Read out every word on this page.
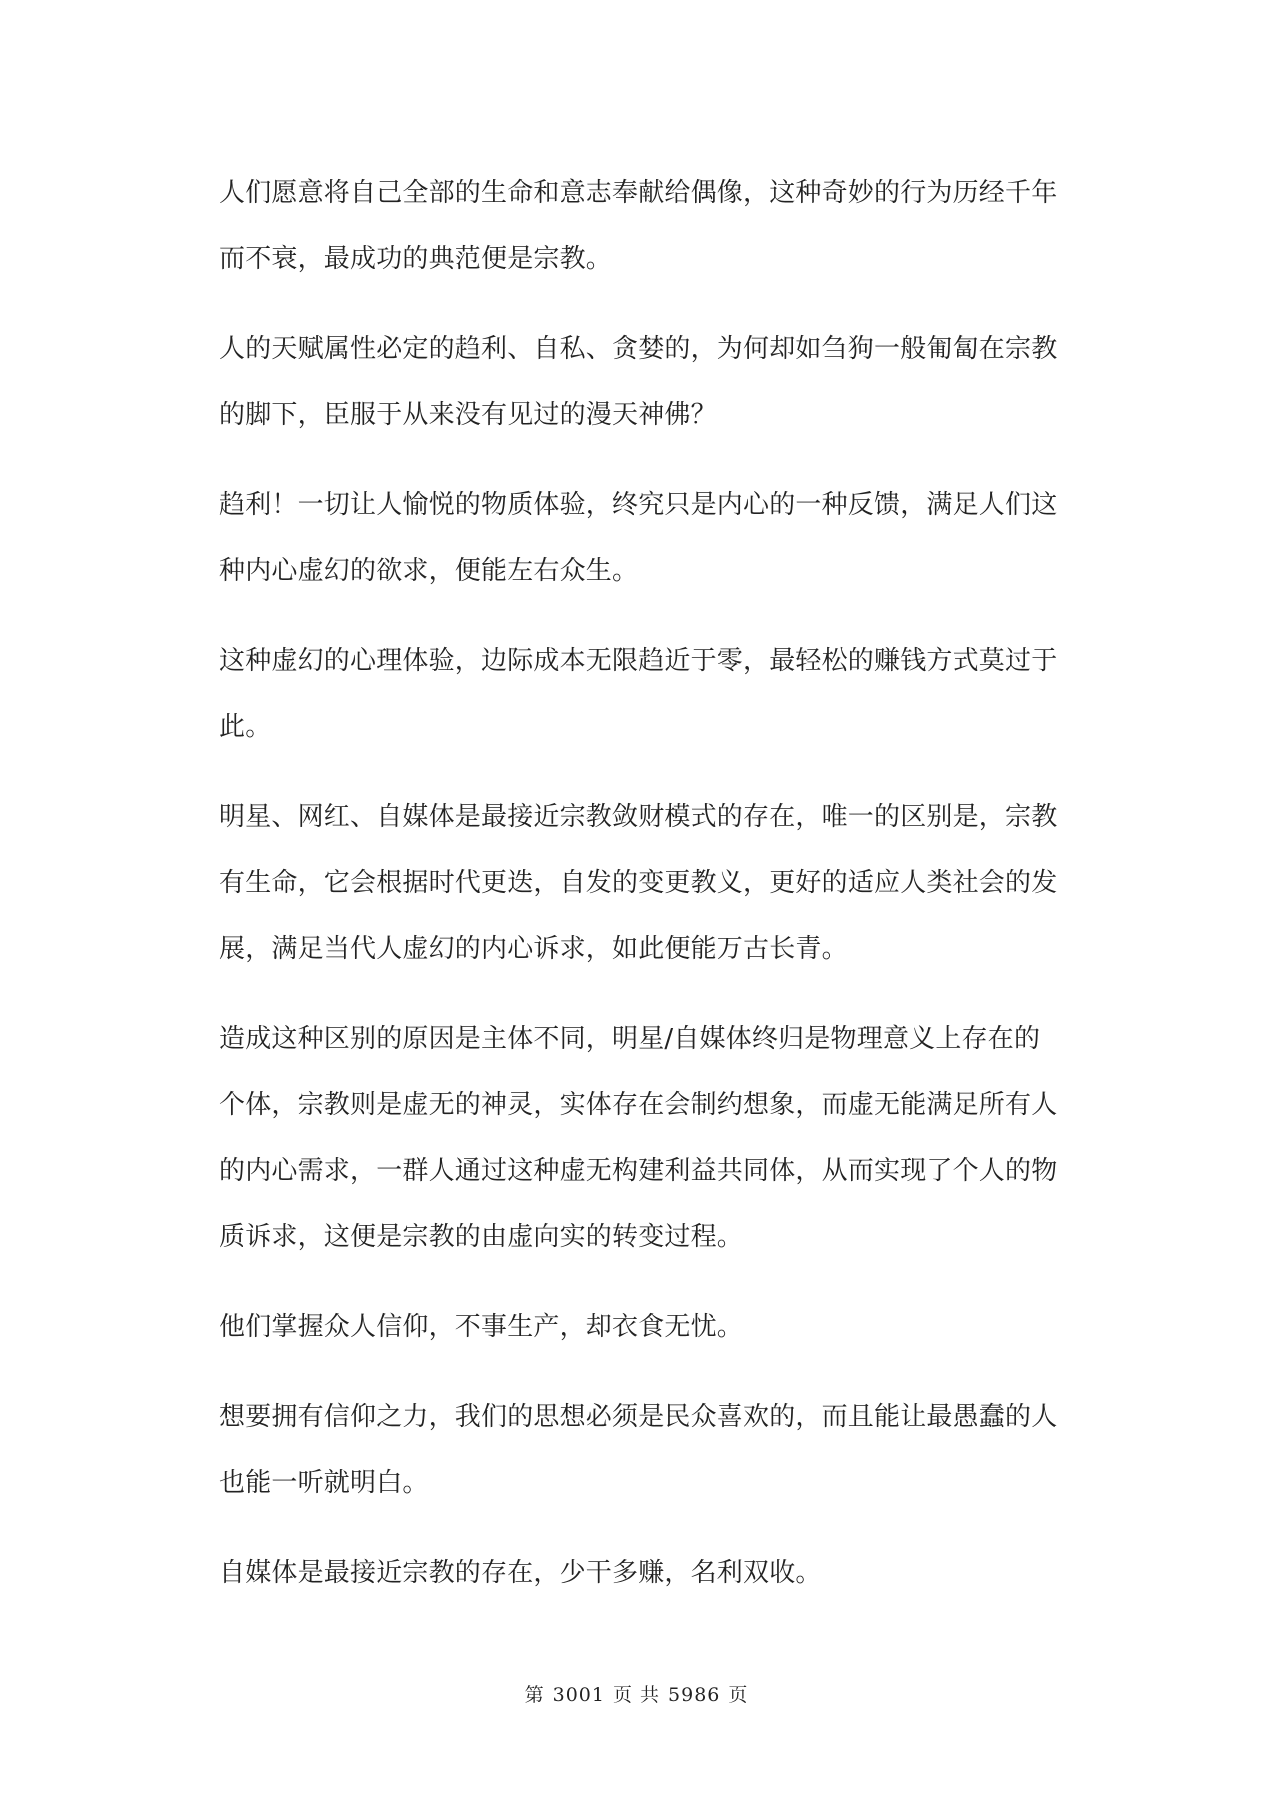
人们愿意将自己全部的生命和意志奉献给偶像，这种奇妙的行为历经千年
而不衰，最成功的典范便是宗教。

人的天赋属性必定的趋利、自私、贪婪的，为何却如刍狗一般匍匐在宗教
的脚下，臣服于从来没有见过的漫天神佛？

趋利！一切让人愉悦的物质体验，终究只是内心的一种反馈，满足人们这
种内心虚幻的欲求，便能左右众生。

这种虚幻的心理体验，边际成本无限趋近于零，最轻松的赚钱方式莫过于
此。

明星、网红、自媒体是最接近宗教敛财模式的存在，唯一的区别是，宗教
有生命，它会根据时代更迭，自发的变更教义，更好的适应人类社会的发
展，满足当代人虚幻的内心诉求，如此便能万古长青。

造成这种区别的原因是主体不同，明星/自媒体终归是物理意义上存在的
个体，宗教则是虚无的神灵，实体存在会制约想象，而虚无能满足所有人
的内心需求，一群人通过这种虚无构建利益共同体，从而实现了个人的物
质诉求，这便是宗教的由虚向实的转变过程。

他们掌握众人信仰，不事生产，却衣食无忧。

想要拥有信仰之力，我们的思想必须是民众喜欢的，而且能让最愚蠢的人
也能一听就明白。

自媒体是最接近宗教的存在，少干多赚，名利双收。

第 3001 页 共 5986 页
